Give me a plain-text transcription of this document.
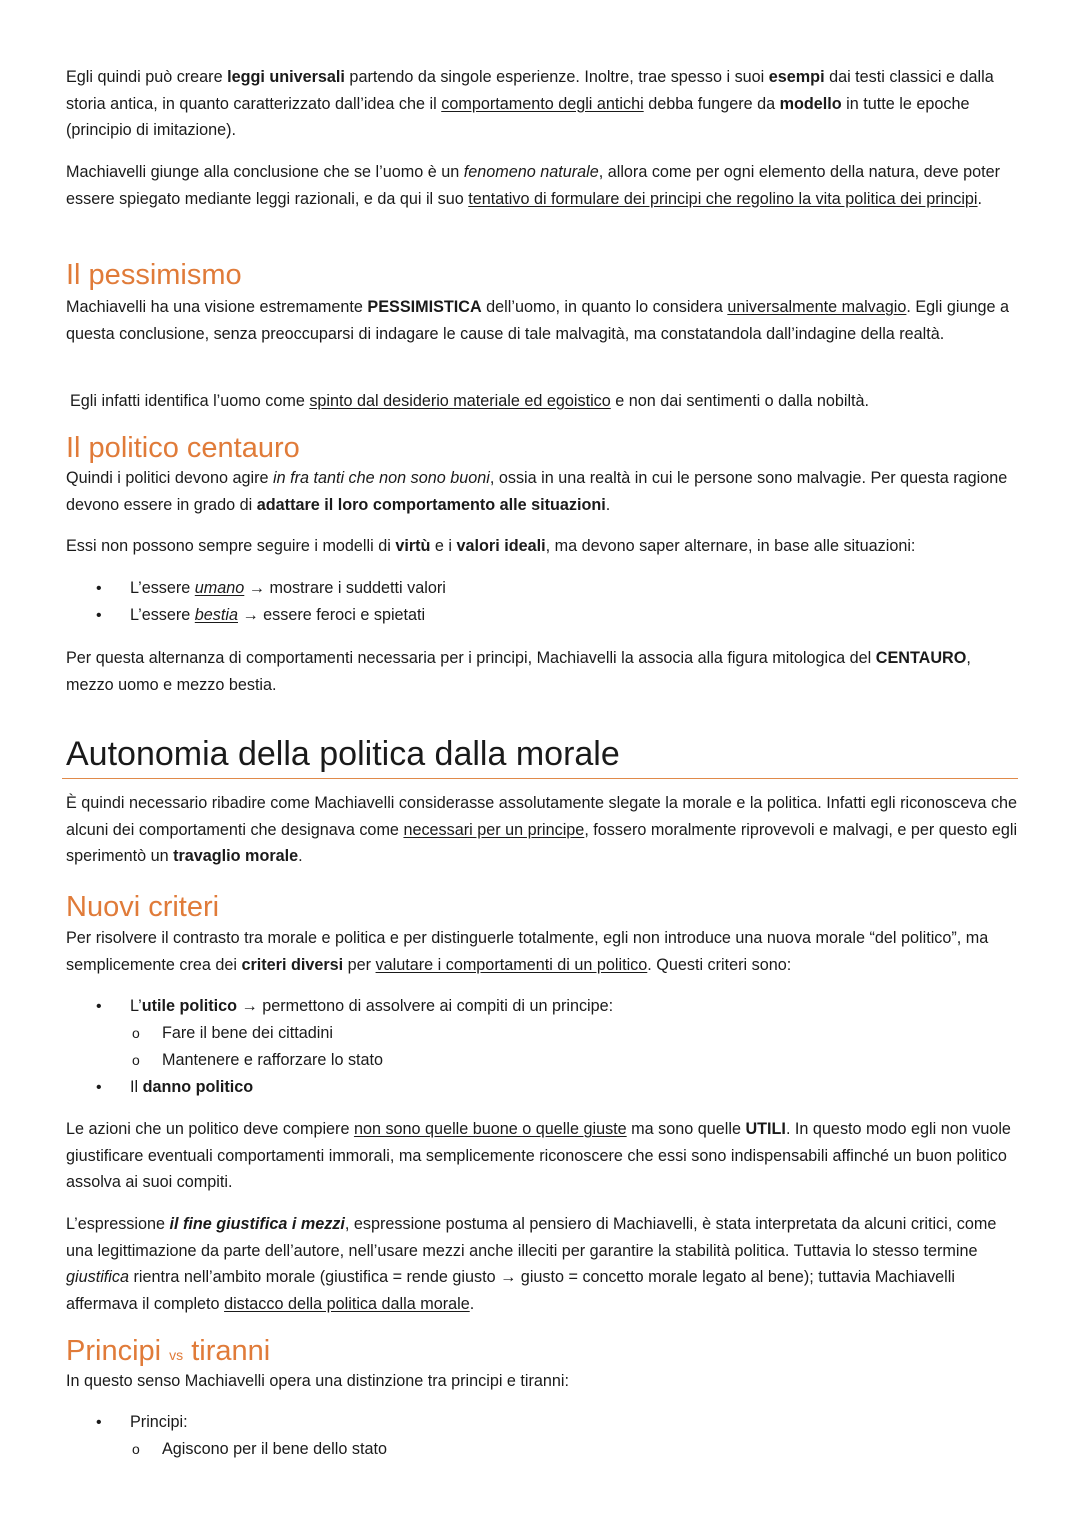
Egli quindi può creare leggi universali partendo da singole esperienze. Inoltre, trae spesso i suoi esempi dai testi classici e dalla storia antica, in quanto caratterizzato dall’idea che il comportamento degli antichi debba fungere da modello in tutte le epoche (principio di imitazione).

Machiavelli giunge alla conclusione che se l’uomo è un fenomeno naturale, allora come per ogni elemento della natura, deve poter essere spiegato mediante leggi razionali, e da qui il suo tentativo di formulare dei principi che regolino la vita politica dei principi.

Il pessimismo

Machiavelli ha una visione estremamente PESSIMISTICA dell’uomo, in quanto lo considera universalmente malvagio. Egli giunge a questa conclusione, senza preoccuparsi di indagare le cause di tale malvagità, ma constatandola dall’indagine della realtà.

Egli infatti identifica l’uomo come spinto dal desiderio materiale ed egoistico e non dai sentimenti o dalla nobiltà.

Il politico centauro

Quindi i politici devono agire in fra tanti che non sono buoni, ossia in una realtà in cui le persone sono malvagie. Per questa ragione devono essere in grado di adattare il loro comportamento alle situazioni.

Essi non possono sempre seguire i modelli di virtù e i valori ideali, ma devono saper alternare, in base alle situazioni:

• L’essere umano → mostrare i suddetti valori
• L’essere bestia → essere feroci e spietati

Per questa alternanza di comportamenti necessaria per i principi, Machiavelli la associa alla figura mitologica del CENTAURO, mezzo uomo e mezzo bestia.

Autonomia della politica dalla morale

È quindi necessario ribadire come Machiavelli considerasse assolutamente slegate la morale e la politica. Infatti egli riconosceva che alcuni dei comportamenti che designava come necessari per un principe, fossero moralmente riprovevoli e malvagi, e per questo egli sperimentò un travaglio morale.

Nuovi criteri

Per risolvere il contrasto tra morale e politica e per distinguerle totalmente, egli non introduce una nuova morale “del politico”, ma semplicemente crea dei criteri diversi per valutare i comportamenti di un politico. Questi criteri sono:

• L’utile politico → permettono di assolvere ai compiti di un principe:
o Fare il bene dei cittadini
o Mantenere e rafforzare lo stato
• Il danno politico

Le azioni che un politico deve compiere non sono quelle buone o quelle giuste ma sono quelle UTILI. In questo modo egli non vuole giustificare eventuali comportamenti immorali, ma semplicemente riconoscere che essi sono indispensabili affinché un buon politico assolva ai suoi compiti.

L’espressione il fine giustifica i mezzi, espressione postuma al pensiero di Machiavelli, è stata interpretata da alcuni critici, come una legittimazione da parte dell’autore, nell’usare mezzi anche illeciti per garantire la stabilità politica. Tuttavia lo stesso termine giustifica rientra nell’ambito morale (giustifica = rende giusto → giusto = concetto morale legato al bene); tuttavia Machiavelli affermava il completo distacco della politica dalla morale.

Principi vs tiranni

In questo senso Machiavelli opera una distinzione tra principi e tiranni:

• Principi:
o Agiscono per il bene dello stato
